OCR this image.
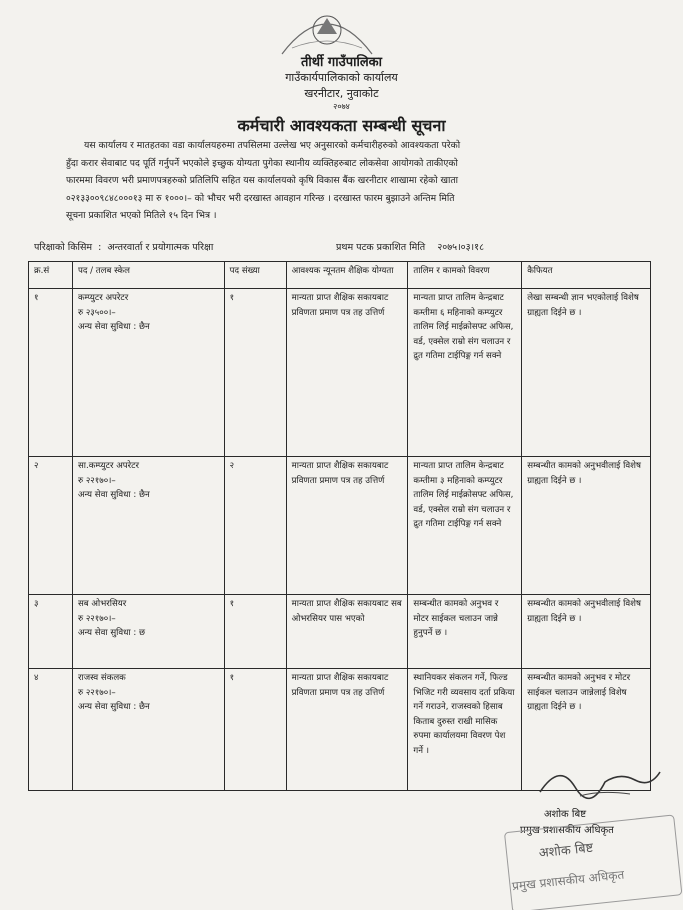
तीर्थी गाउँपालिका
गाउँकार्यपालिकाको कार्यालय
खरनीटार, नुवाकोट
२०७४
कर्मचारी आवश्यकता सम्बन्धी सूचना
यस कार्यालय र मातहतका वडा कार्यालयहरुमा तपसिलमा उल्लेख भए अनुसारको कर्मचारीहरुको आवश्यकता परेको
हुँदा करार सेवाबाट पद पूर्ति गर्नुपर्ने भएकोले इच्छुक योग्यता पुगेका स्थानीय व्यक्तिहरुबाट लोकसेवा आयोगको ताकीएको
फारममा विवरण भरी प्रमाणपत्रहरुको प्रतिलिपि सहित यस कार्यालयको कृषि विकास बैंक खरनीटार शाखामा रहेको खाता
०२१३३००९८४८०००१३ मा रु १०००।– को भौचर भरी दरखास्त आवहान गरिन्छ । दरखास्त फारम बुझाउने अन्तिम मिति
सूचना प्रकाशित भएको मितिले १५ दिन भित्र ।
परिक्षाको किसिम  :  अन्तरवार्ता र प्रयोगात्मक परिक्षा	प्रथम पटक प्रकाशित मिति २०७५।०३।१८
क्र.सं	पद / तलब स्केल	पद संख्या	आवश्यक न्यूनतम शैक्षिक योग्यता	तालिम र कामको विवरण	कैफियत
१	कम्प्युटर अपरेटर
रु २३५००।–
अन्य सेवा सुविधा : छैन	१	मान्यता प्राप्त शैक्षिक सकायबाट प्रविणता प्रमाण पत्र तह उत्तिर्ण	मान्यता प्राप्त तालिम केन्द्रबाट कम्तीमा ६ महिनाको कम्प्युटर तालिम लिई माईक्रोसफ्ट अफिस, वर्ड, एक्सेल राम्रो संग चलाउन र द्रुत गतिमा टाईपिङ्ग गर्न सक्ने	लेखा सम्बन्धी ज्ञान भएकोलाई विशेष ग्राह्यता दिईने छ ।
२	सा.कम्प्युटर अपरेटर
रु २२१७०।–
अन्य सेवा सुविधा : छैन	२	मान्यता प्राप्त शैक्षिक सकायबाट प्रविणता प्रमाण पत्र तह उत्तिर्ण	मान्यता प्राप्त तालिम केन्द्रबाट कम्तीमा ३ महिनाको कम्प्युटर तालिम लिई माईक्रोसफ्ट अफिस, वर्ड, एक्सेल राम्रो संग चलाउन र द्रुत गतिमा टाईपिङ्ग गर्न सक्ने	सम्बन्धीत कामको अनुभवीलाई विशेष ग्राह्यता दिईने छ ।
३	सब ओभरसियर
रु २२१७०।–
अन्य सेवा सुविधा : छ	१	मान्यता प्राप्त शैक्षिक सकायबाट सब ओभरसियर पास भएको	सम्बन्धीत कामको अनुभव र मोटर साईकल चलाउन जान्ने हुनुपर्ने छ ।	सम्बन्धीत कामको अनुभवीलाई विशेष ग्राह्यता दिईने छ ।
४	राजस्व संकलक
रु २२१७०।–
अन्य सेवा सुविधा : छैन	१	मान्यता प्राप्त शैक्षिक सकायबाट प्रविणता प्रमाण पत्र तह उत्तिर्ण	स्थानियकर संकलन गर्ने, फिल्ड भिजिट गरी व्यवसाय दर्ता प्रकिया गर्ने गराउने, राजस्वको हिसाब किताब दुरुस्त राखी मासिक रुपमा कार्यालयमा विवरण पेश गर्ने ।	सम्बन्धीत कामको अनुभव र मोटर साईकल चलाउन जान्नेलाई विशेष ग्राह्यता दिईने छ ।
अशोक बिष्ट
प्रमुख प्रशासकीय अधिकृत
अशोक बिष्ट
प्रमुख प्रशासकीय अधिकृत
